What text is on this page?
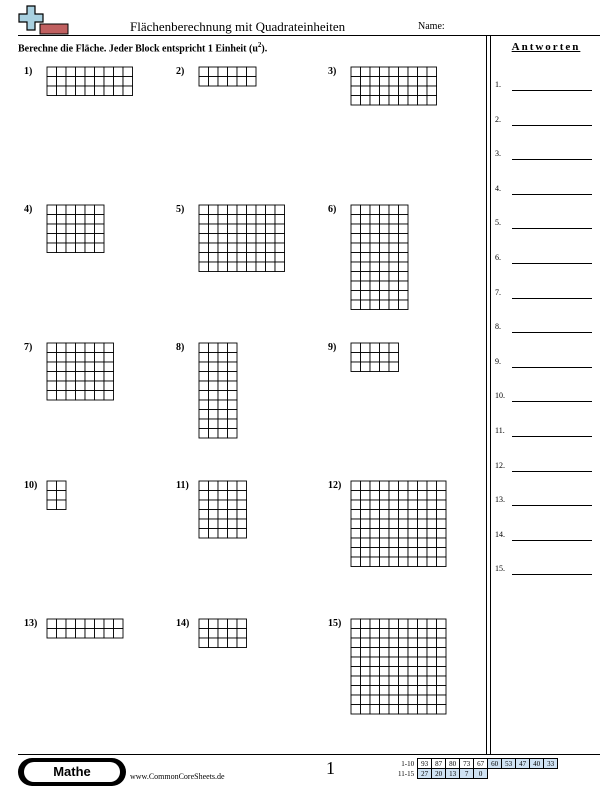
Flächenberechnung mit Quadrateinheiten	Name:
Berechne die Fläche. Jeder Block entspricht 1 Einheit $(u^2)$.
1)	2)	3)
4)	5)	6)
7)	8)	9)
10)	11)	12)
13)	14)	15)
Antworten
1.
2.
3.
4.
5.
6.
7.
8.
9.
10.
11.
12.
13.
14.
15.
Mathe	www.CommonCoreSheets.de	1	1-10	93	87	80	73	67	60	53	47	40	33
11-15	27	20	13	7	0					
